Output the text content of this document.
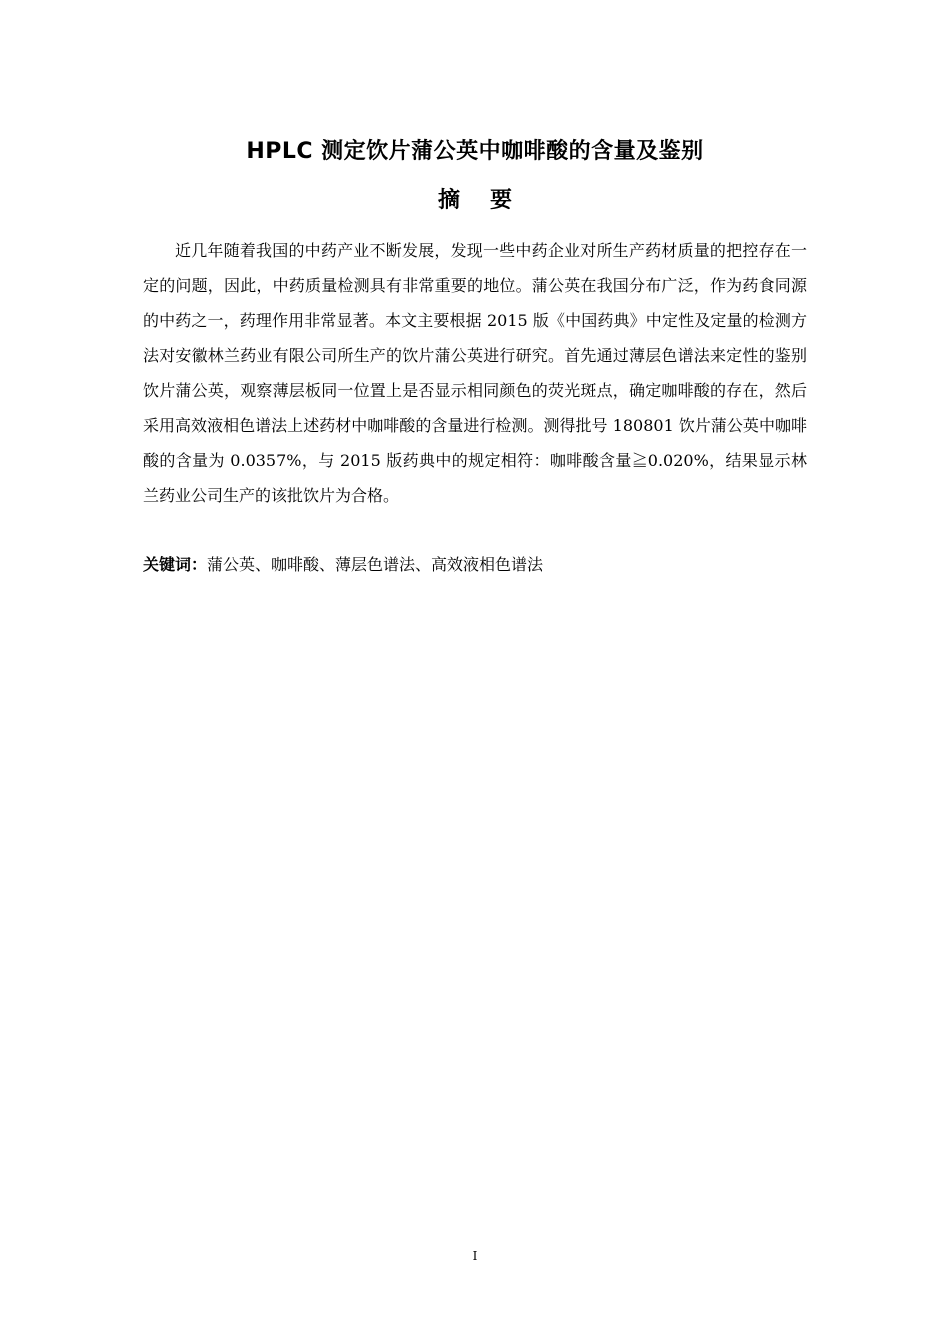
HPLC 测定饮片蒲公英中咖啡酸的含量及鉴别
摘要

近几年随着我国的中药产业不断发展，发现一些中药企业对所生产药材质量的把控存在一定的问题，因此，中药质量检测具有非常重要的地位。蒲公英在我国分布广泛，作为药食同源的中药之一，药理作用非常显著。本文主要根据 2015 版《中国药典》中定性及定量的检测方法对安徽林兰药业有限公司所生产的饮片蒲公英进行研究。首先通过薄层色谱法来定性的鉴别饮片蒲公英，观察薄层板同一位置上是否显示相同颜色的荧光斑点，确定咖啡酸的存在，然后采用高效液相色谱法上述药材中咖啡酸的含量进行检测。测得批号 180801 饮片蒲公英中咖啡酸的含量为 0.0357%，与 2015 版药典中的规定相符：咖啡酸含量≧0.020%，结果显示林兰药业公司生产的该批饮片为合格。

关键词：蒲公英、咖啡酸、薄层色谱法、高效液相色谱法
I
